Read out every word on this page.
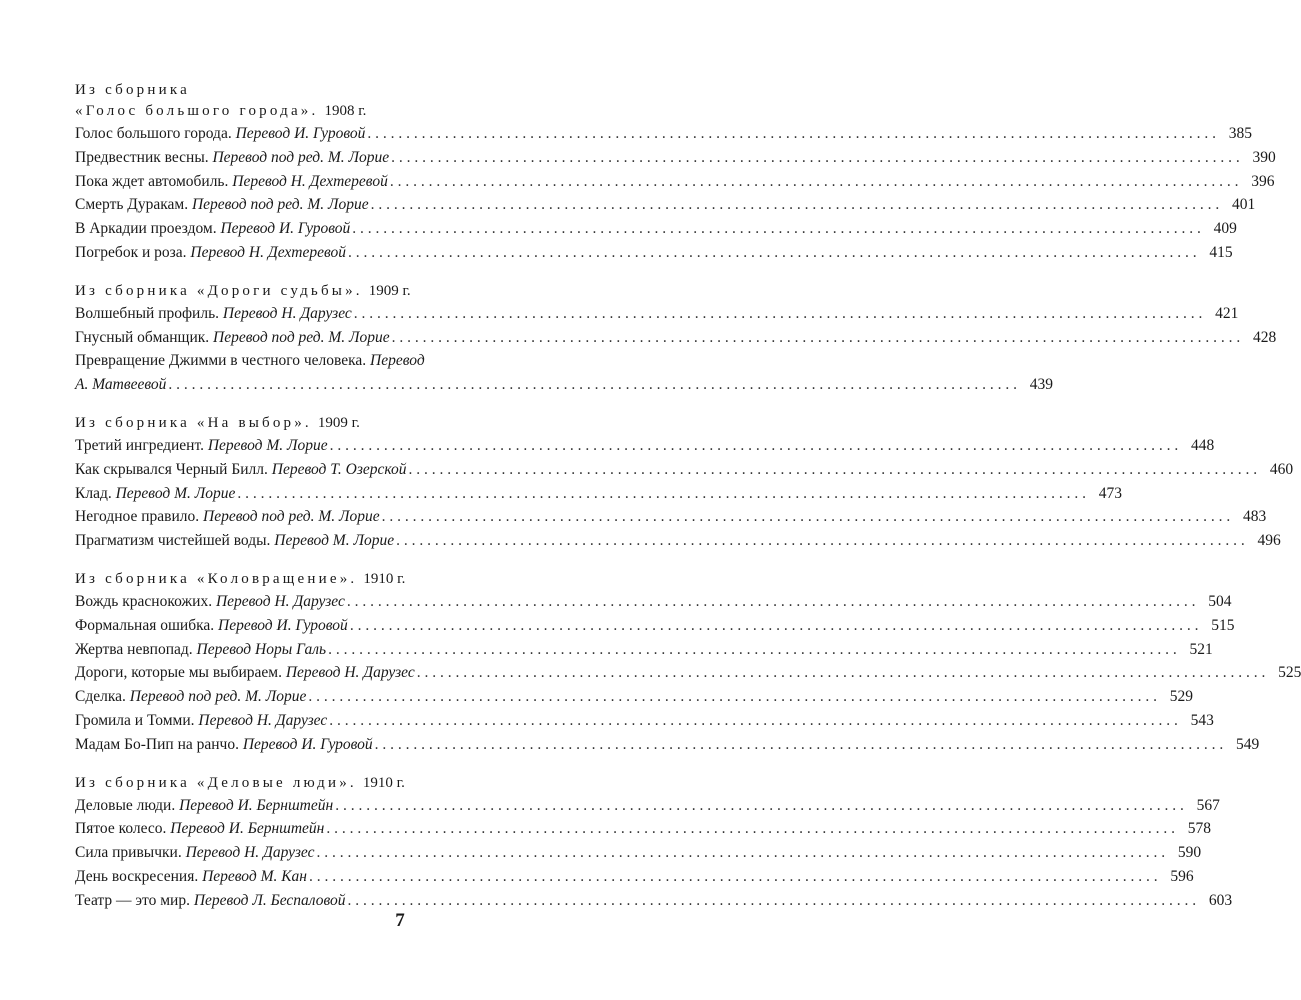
Из сборника
«Голос большого города». 1908 г.
Голос большого города. Перевод И. Гуровой . . .	385
Предвестник весны. Перевод под ред. М. Лорие . . .	390
Пока ждет автомобиль. Перевод Н. Дехтеревой . . .	396
Смерть Дуракам. Перевод под ред. М. Лорие . . .	401
В Аркадии проездом. Перевод И. Гуровой . . .	409
Погребок и роза. Перевод Н. Дехтеревой . . .	415
Из сборника «Дороги судьбы». 1909 г.
Волшебный профиль. Перевод Н. Дарузес . . .	421
Гнусный обманщик. Перевод под ред. М. Лорие . . .	428
Превращение Джимми в честного человека. Перевод
А. Матвеевой . . .	439
Из сборника «На выбор». 1909 г.
Третий ингредиент. Перевод М. Лорие . . .	448
Как скрывался Черный Билл. Перевод Т. Озерской . . .	460
Клад. Перевод М. Лорие . . .	473
Негодное правило. Перевод под ред. М. Лорие . . .	483
Прагматизм чистейшей воды. Перевод М. Лорие . . .	496
Из сборника «Коловращение». 1910 г.
Вождь краснокожих. Перевод Н. Дарузес . . .	504
Формальная ошибка. Перевод И. Гуровой . . .	515
Жертва невпопад. Перевод Норы Галь . . .	521
Дороги, которые мы выбираем. Перевод Н. Дарузес . . .	525
Сделка. Перевод под ред. М. Лорие . . .	529
Громила и Томми. Перевод Н. Дарузес . . .	543
Мадам Бо-Пип на ранчо. Перевод И. Гуровой . . .	549
Из сборника «Деловые люди». 1910 г.
Деловые люди. Перевод И. Бернштейн . . .	567
Пятое колесо. Перевод И. Бернштейн . . .	578
Сила привычки. Перевод Н. Дарузес . . .	590
День воскресения. Перевод М. Кан . . .	596
Театр — это мир. Перевод Л. Беспаловой . . .	603
7
